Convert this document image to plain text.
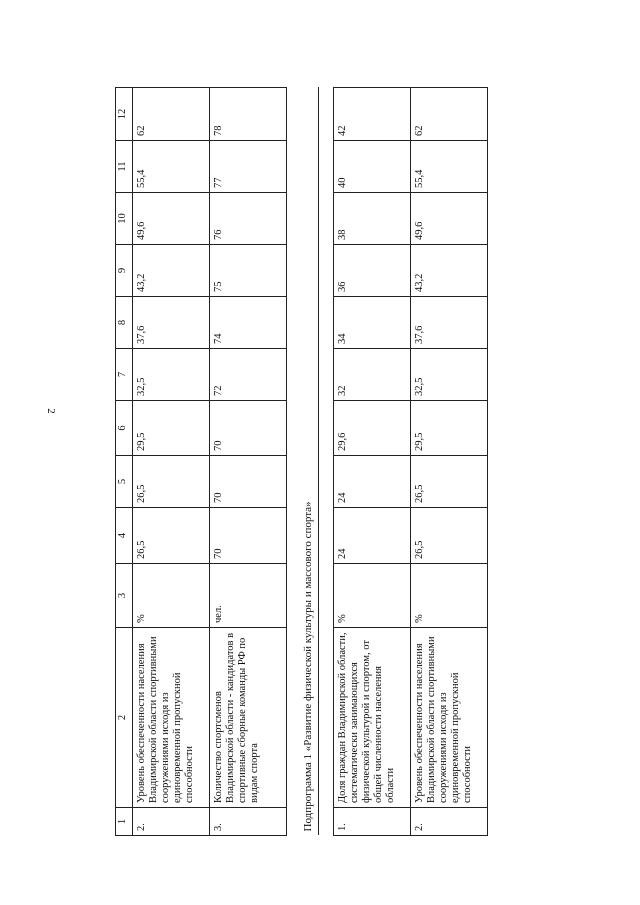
2
1	2	3	4	5	6	7	8	9	10	11	12
2.	Уровень обеспеченности населения Владимирской области спортивными сооружениями исходя из единовременной пропускной способности	%	26,5	26,5	29,5	32,5	37,6	43,2	49,6	55,4	62
3.	Количество спортсменов Владимирской области - кандидатов в спортивные сборные команды РФ по видам спорта	чел.	70	70	70	72	74	75	76	77	78
Подпрограмма 1 «Развитие физической культуры и массового спорта»											

1.	Доля граждан Владимирской области, систематически занимающихся физической культурой и спортом, от общей численности населения области	%	24	24	29,6	32	34	36	38	40	42
2.	Уровень обеспеченности населения Владимирской области спортивными сооружениями исходя из единовременной пропускной способности	%	26,5	26,5	29,5	32,5	37,6	43,2	49,6	55,4	62
